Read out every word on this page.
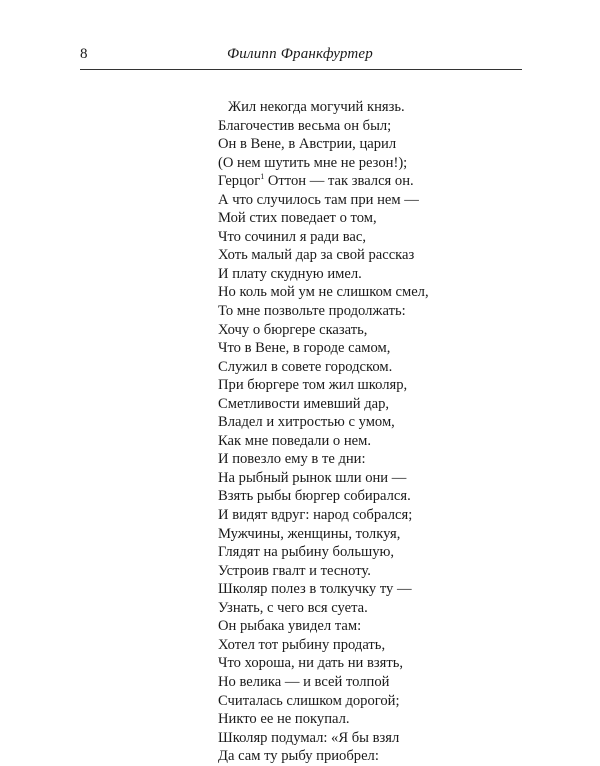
8	Филипп Франкфуртер
Жил некогда могучий князь.
Благочестив весьма он был;
Он в Вене, в Австрии, царил
(О нем шутить мне не резон!);
Герцог$^1$ Оттон — так звался он.
А что случилось там при нем —
Мой стих поведает о том,
Что сочинил я ради вас,
Хоть малый дар за свой рассказ
И плату скудную имел.
Но коль мой ум не слишком смел,
То мне позвольте продолжать:
Хочу о бюргере сказать,
Что в Вене, в городе самом,
Служил в совете городском.
При бюргере том жил школяр,
Сметливости имевший дар,
Владел и хитростью с умом,
Как мне поведали о нем.
И повезло ему в те дни:
На рыбный рынок шли они —
Взять рыбы бюргер собирался.
И видят вдруг: народ собрался;
Мужчины, женщины, толкуя,
Глядят на рыбину большую,
Устроив гвалт и тесноту.
Школяр полез в толкучку ту —
Узнать, с чего вся суета.
Он рыбака увидел там:
Хотел тот рыбину продать,
Что хороша, ни дать ни взять,
Но велика — и всей толпой
Считалась слишком дорогой;
Никто ее не покупал.
Школяр подумал: «Я бы взял
Да сам ту рыбу приобрел:
